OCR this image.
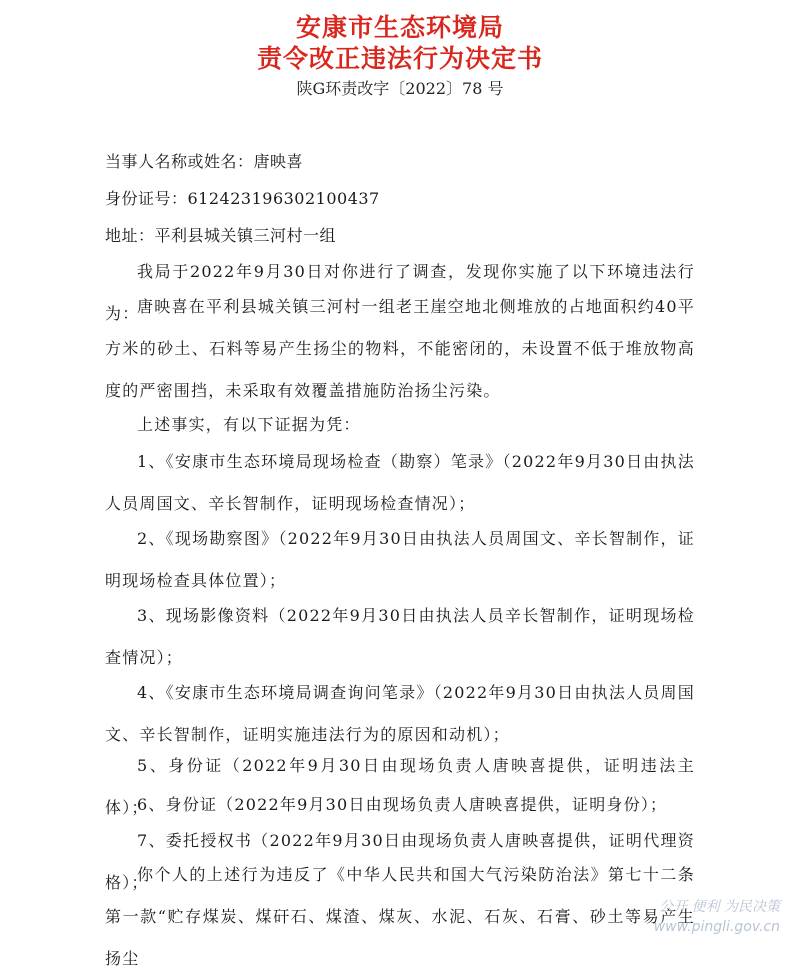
安康市生态环境局
责令改正违法行为决定书
陕G环责改字〔2022〕78 号
当事人名称或姓名：唐映喜
身份证号：612423196302100437
地址：平利县城关镇三河村一组
我局于2022年9月30日对你进行了调查，发现你实施了以下环境违法行为：
唐映喜在平利县城关镇三河村一组老王崖空地北侧堆放的占地面积约40平方米的砂土、石料等易产生扬尘的物料，不能密闭的，未设置不低于堆放物高度的严密围挡，未采取有效覆盖措施防治扬尘污染。
上述事实，有以下证据为凭：
1、《安康市生态环境局现场检查（勘察）笔录》（2022年9月30日由执法人员周国文、辛长智制作，证明现场检查情况）；
2、《现场勘察图》（2022年9月30日由执法人员周国文、辛长智制作，证明现场检查具体位置）；
3、现场影像资料（2022年9月30日由执法人员辛长智制作，证明现场检查情况）；
4、《安康市生态环境局调查询问笔录》（2022年9月30日由执法人员周国文、辛长智制作，证明实施违法行为的原因和动机）；
5、身份证（2022年9月30日由现场负责人唐映喜提供，证明违法主体）；
6、身份证（2022年9月30日由现场负责人唐映喜提供，证明身份）；
7、委托授权书（2022年9月30日由现场负责人唐映喜提供，证明代理资格）；
你个人的上述行为违反了《中华人民共和国大气污染防治法》第七十二条第一款“贮存煤炭、煤矸石、煤渣、煤灰、水泥、石灰、石膏、砂土等易产生扬尘
公开 便利 为民决策
www.pingli.gov.cn
